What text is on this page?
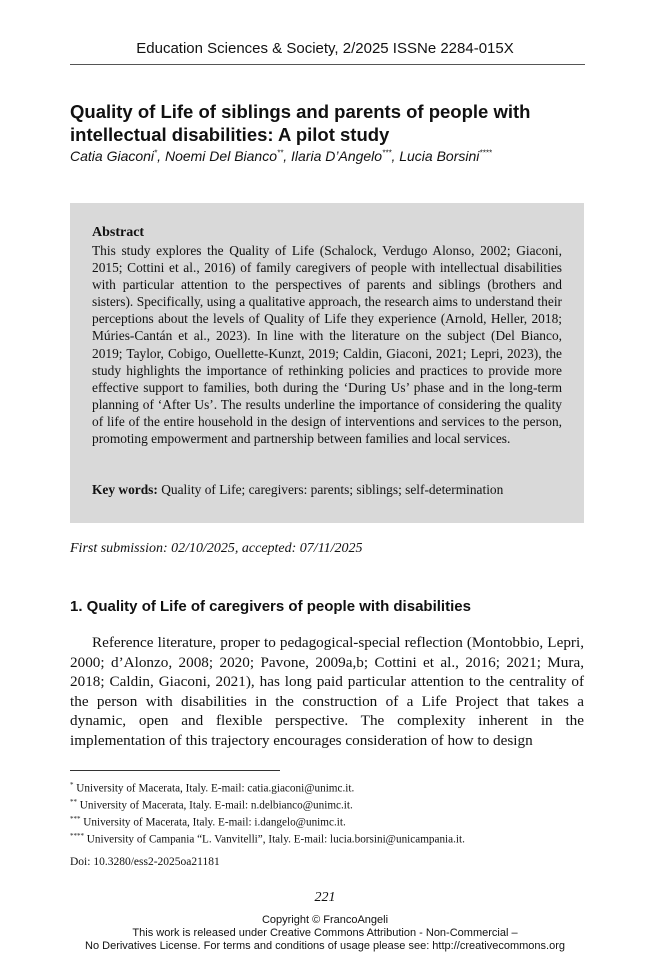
Education Sciences & Society, 2/2025 ISSNe 2284-015X
Quality of Life of siblings and parents of people with intellectual disabilities: A pilot study
Catia Giaconi*, Noemi Del Bianco**, Ilaria D’Angelo***, Lucia Borsini****
Abstract
This study explores the Quality of Life (Schalock, Verdugo Alonso, 2002; Giaconi, 2015; Cottini et al., 2016) of family caregivers of people with intellectual disabilities with particular attention to the perspectives of parents and siblings (brothers and sisters). Specifically, using a qualitative approach, the research aims to understand their perceptions about the levels of Quality of Life they experience (Arnold, Heller, 2018; Múries-Cantán et al., 2023). In line with the literature on the subject (Del Bianco, 2019; Taylor, Cobigo, Ouellette-Kunzt, 2019; Caldin, Giaconi, 2021; Lepri, 2023), the study highlights the importance of rethinking policies and practices to provide more effective support to families, both during the ‘During Us’ phase and in the long-term planning of ‘After Us’. The results underline the importance of considering the quality of life of the entire household in the design of interventions and services to the person, promoting empowerment and partnership between families and local services.
Key words: Quality of Life; caregivers: parents; siblings; self-determination
First submission: 02/10/2025, accepted: 07/11/2025
1. Quality of Life of caregivers of people with disabilities
Reference literature, proper to pedagogical-special reflection (Montobbio, Lepri, 2000; d’Alonzo, 2008; 2020; Pavone, 2009a,b; Cottini et al., 2016; 2021; Mura, 2018; Caldin, Giaconi, 2021), has long paid particular attention to the centrality of the person with disabilities in the construction of a Life Project that takes a dynamic, open and flexible perspective. The complexity inherent in the implementation of this trajectory encourages consideration of how to design
* University of Macerata, Italy. E-mail: catia.giaconi@unimc.it.
** University of Macerata, Italy. E-mail: n.delbianco@unimc.it.
*** University of Macerata, Italy. E-mail: i.dangelo@unimc.it.
**** University of Campania “L. Vanvitelli”, Italy. E-mail: lucia.borsini@unicampania.it.
Doi: 10.3280/ess2-2025oa21181
221
Copyright © FrancoAngeli
This work is released under Creative Commons Attribution - Non-Commercial –
No Derivatives License. For terms and conditions of usage please see: http://creativecommons.org
